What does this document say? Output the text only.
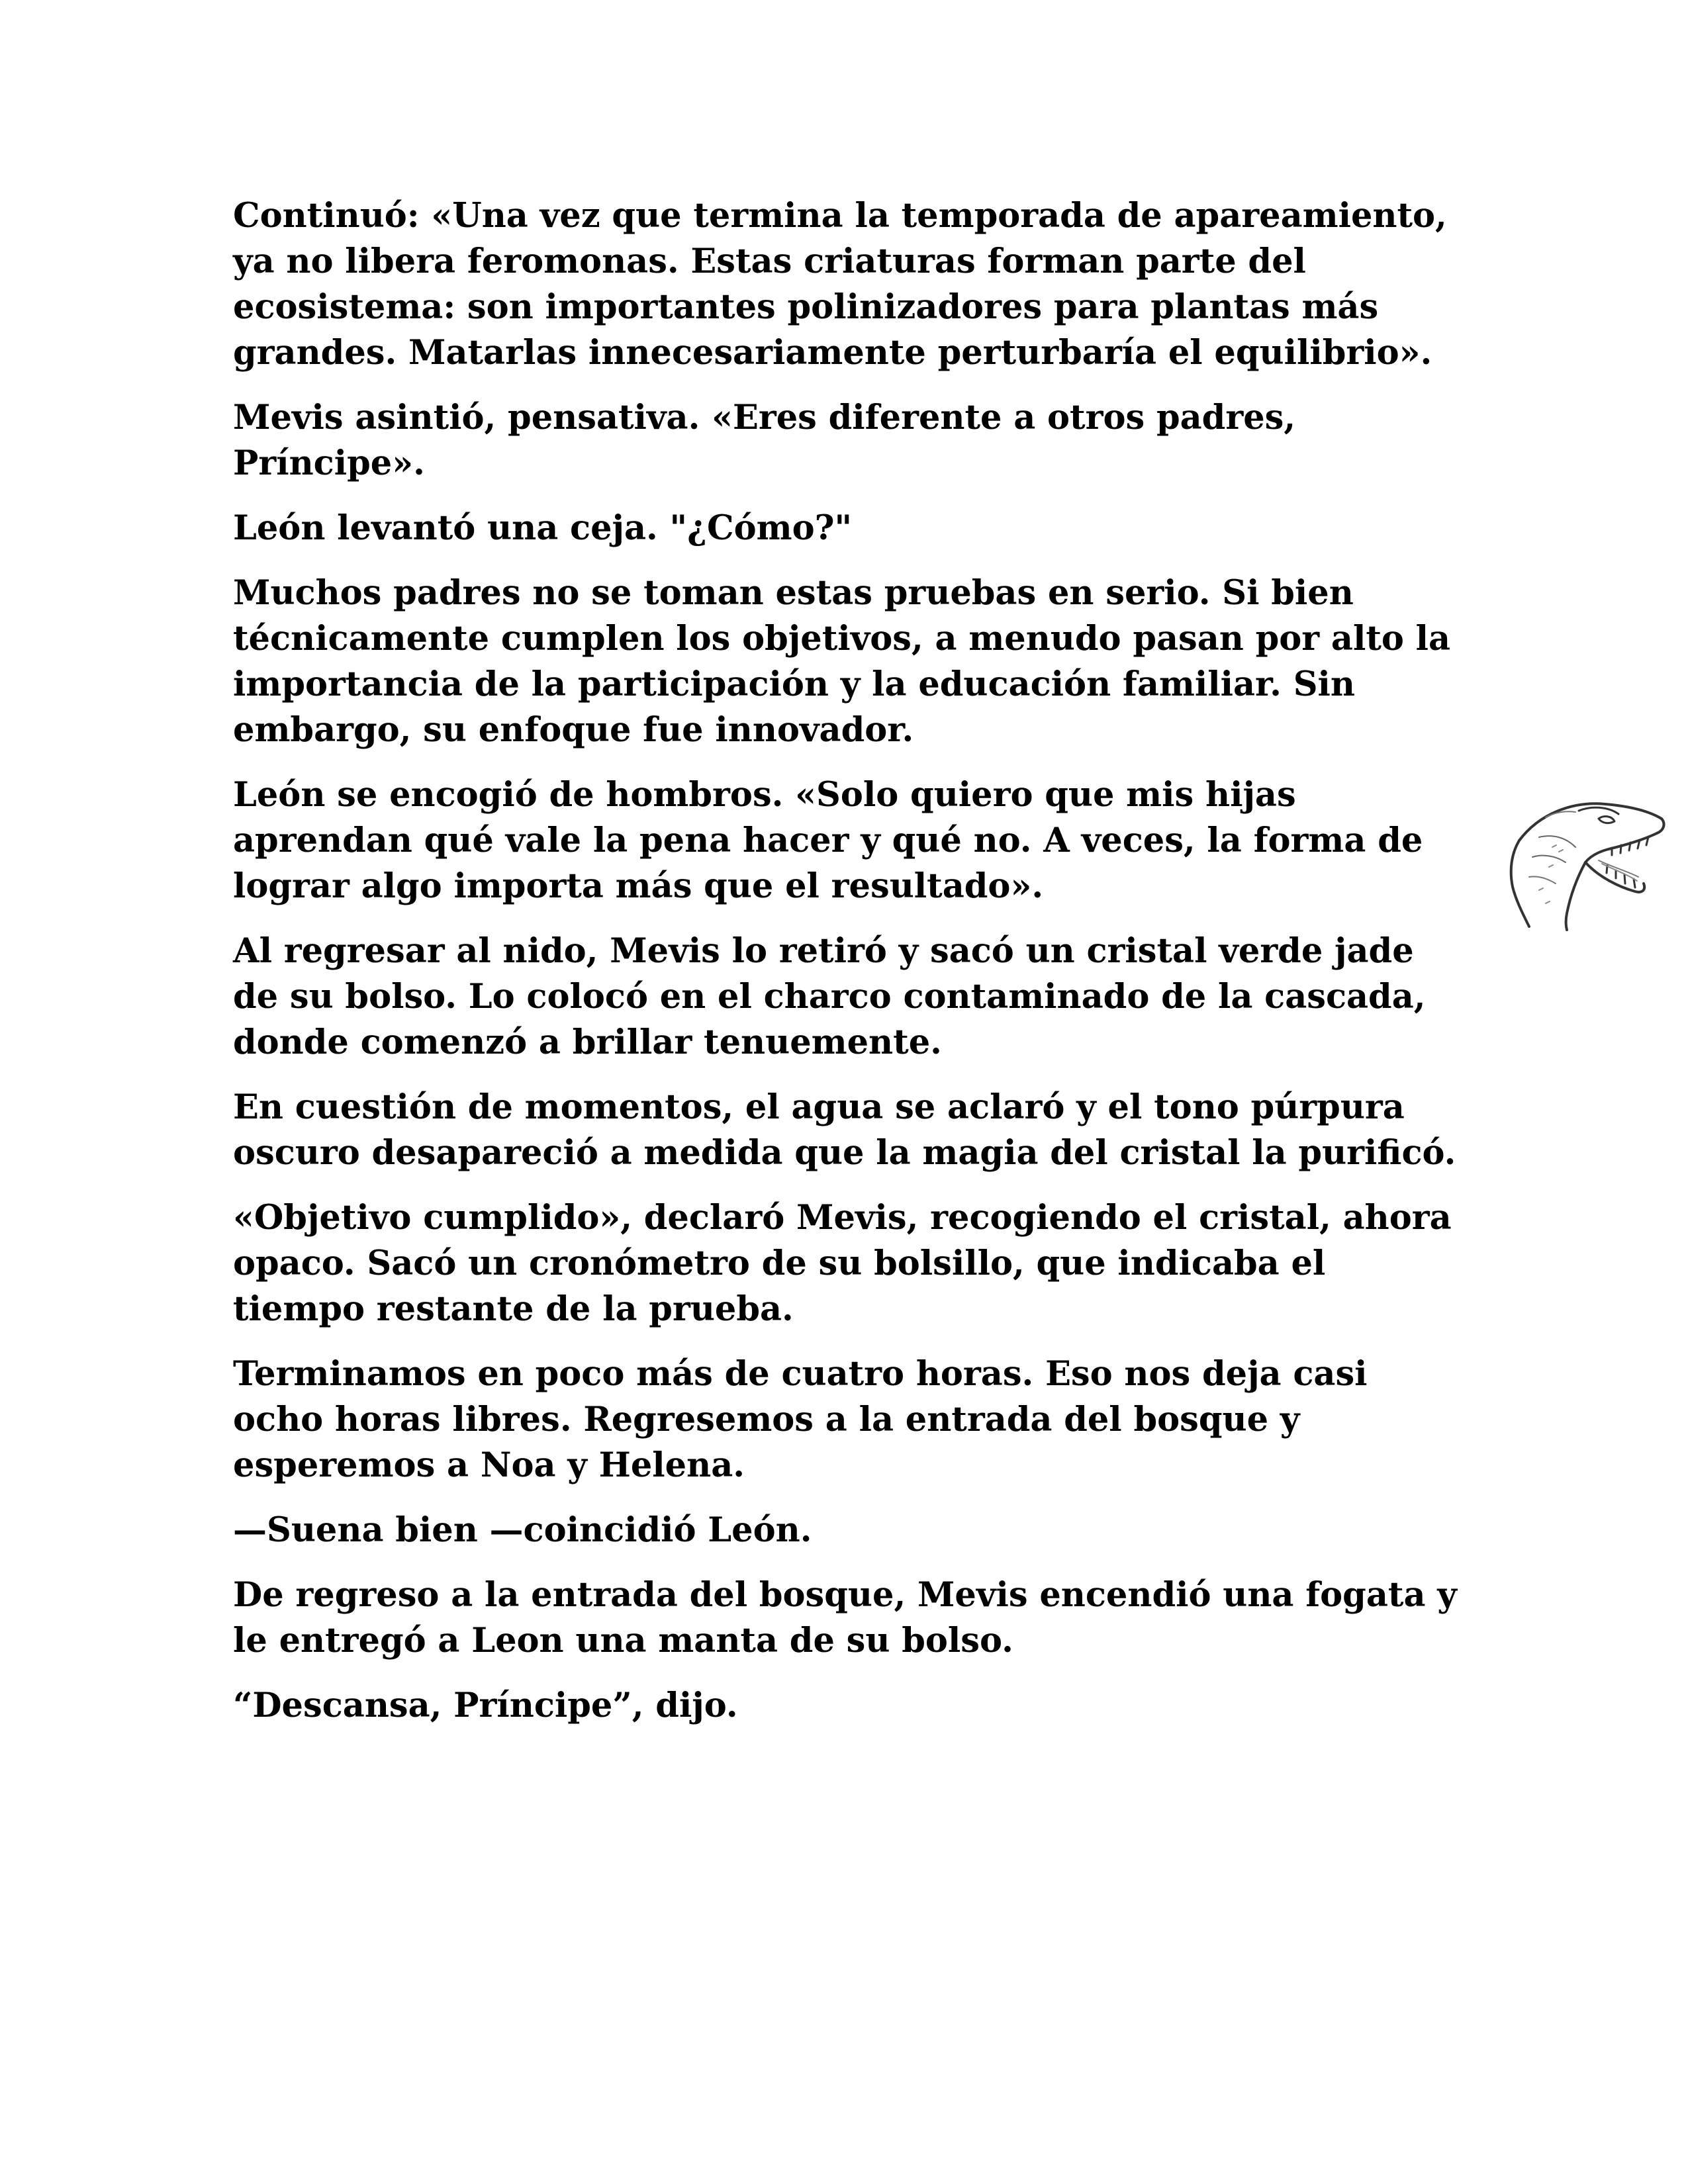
Continuó: «Una vez que termina la temporada de apareamiento, ya no libera feromonas. Estas criaturas forman parte del ecosistema: son importantes polinizadores para plantas más grandes. Matarlas innecesariamente perturbaría el equilibrio».

Mevis asintió, pensativa. «Eres diferente a otros padres, Príncipe».

León levantó una ceja. "¿Cómo?"

Muchos padres no se toman estas pruebas en serio. Si bien técnicamente cumplen los objetivos, a menudo pasan por alto la importancia de la participación y la educación familiar. Sin embargo, su enfoque fue innovador.

León se encogió de hombros. «Solo quiero que mis hijas aprendan qué vale la pena hacer y qué no. A veces, la forma de lograr algo importa más que el resultado».

Al regresar al nido, Mevis lo retiró y sacó un cristal verde jade de su bolso. Lo colocó en el charco contaminado de la cascada, donde comenzó a brillar tenuemente.

En cuestión de momentos, el agua se aclaró y el tono púrpura oscuro desapareció a medida que la magia del cristal la purificó.

«Objetivo cumplido», declaró Mevis, recogiendo el cristal, ahora opaco. Sacó un cronómetro de su bolsillo, que indicaba el tiempo restante de la prueba.

Terminamos en poco más de cuatro horas. Eso nos deja casi ocho horas libres. Regresemos a la entrada del bosque y esperemos a Noa y Helena.

—Suena bien —coincidió León.

De regreso a la entrada del bosque, Mevis encendió una fogata y le entregó a Leon una manta de su bolso.

“Descansa, Príncipe”, dijo.
